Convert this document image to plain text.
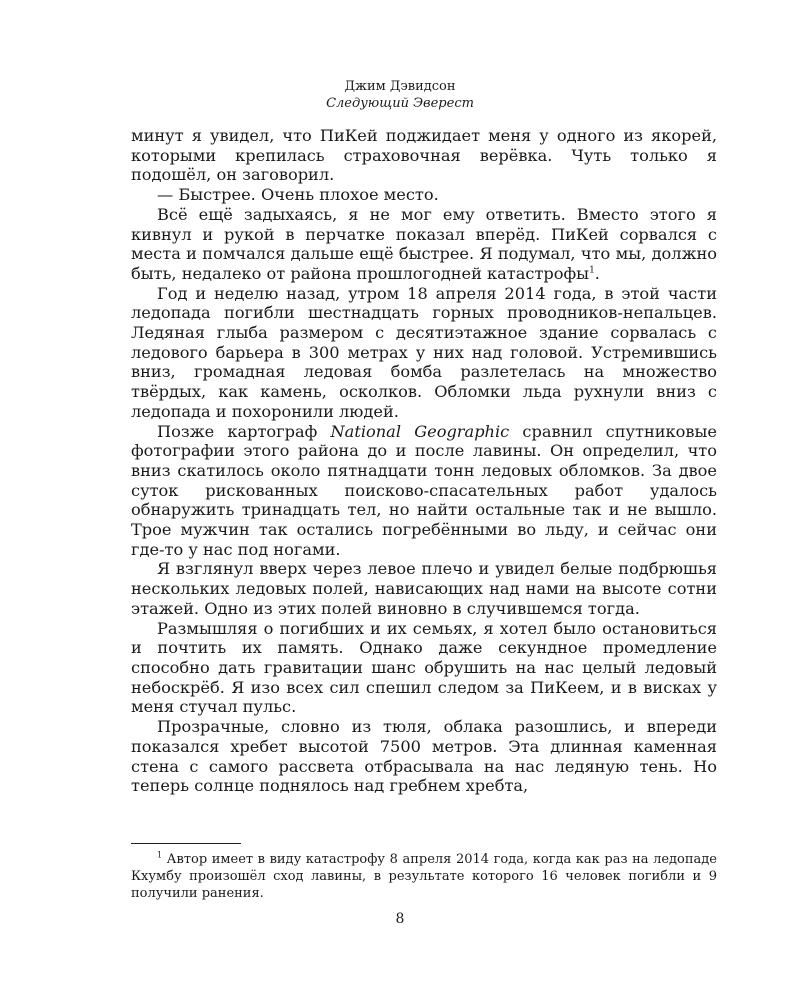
Джим Дэвидсон
Следующий Эверест

минут я увидел, что ПиКей поджидает меня у одного из якорей, которыми крепилась страховочная верёвка. Чуть только я подошёл, он заговорил.

— Быстрее. Очень плохое место.

Всё ещё задыхаясь, я не мог ему ответить. Вместо этого я кивнул и рукой в перчатке показал вперёд. ПиКей сорвался с места и помчался дальше ещё быстрее. Я подумал, что мы, должно быть, недалеко от района прошлогодней катастрофы$^1$.

Год и неделю назад, утром 18 апреля 2014 года, в этой части ледопада погибли шестнадцать горных проводников-непальцев. Ледяная глыба размером с десятиэтажное здание сорвалась с ледового барьера в 300 метрах у них над головой. Устремившись вниз, громадная ледовая бомба разлетелась на множество твёрдых, как камень, осколков. Обломки льда рухнули вниз с ледопада и похоронили людей.

Позже картограф National Geographic сравнил спутниковые фотографии этого района до и после лавины. Он определил, что вниз скатилось около пятнадцати тонн ледовых обломков. За двое суток рискованных поисково-спасательных работ удалось обнаружить тринадцать тел, но найти остальные так и не вышло. Трое мужчин так остались погребёнными во льду, и сейчас они где-то у нас под ногами.

Я взглянул вверх через левое плечо и увидел белые подбрюшья нескольких ледовых полей, нависающих над нами на высоте сотни этажей. Одно из этих полей виновно в случившемся тогда.

Размышляя о погибших и их семьях, я хотел было остановиться и почтить их память. Однако даже секундное промедление способно дать гравитации шанс обрушить на нас целый ледовый небоскрёб. Я изо всех сил спешил следом за ПиКеем, и в висках у меня стучал пульс.

Прозрачные, словно из тюля, облака разошлись, и впереди показался хребет высотой 7500 метров. Эта длинная каменная стена с самого рассвета отбрасывала на нас ледяную тень. Но теперь солнце поднялось над гребнем хребта,

$^1$ Автор имеет в виду катастрофу 8 апреля 2014 года, когда как раз на ледопаде Кхумбу произошёл сход лавины, в результате которого 16 человек погибли и 9 получили ранения.
8
